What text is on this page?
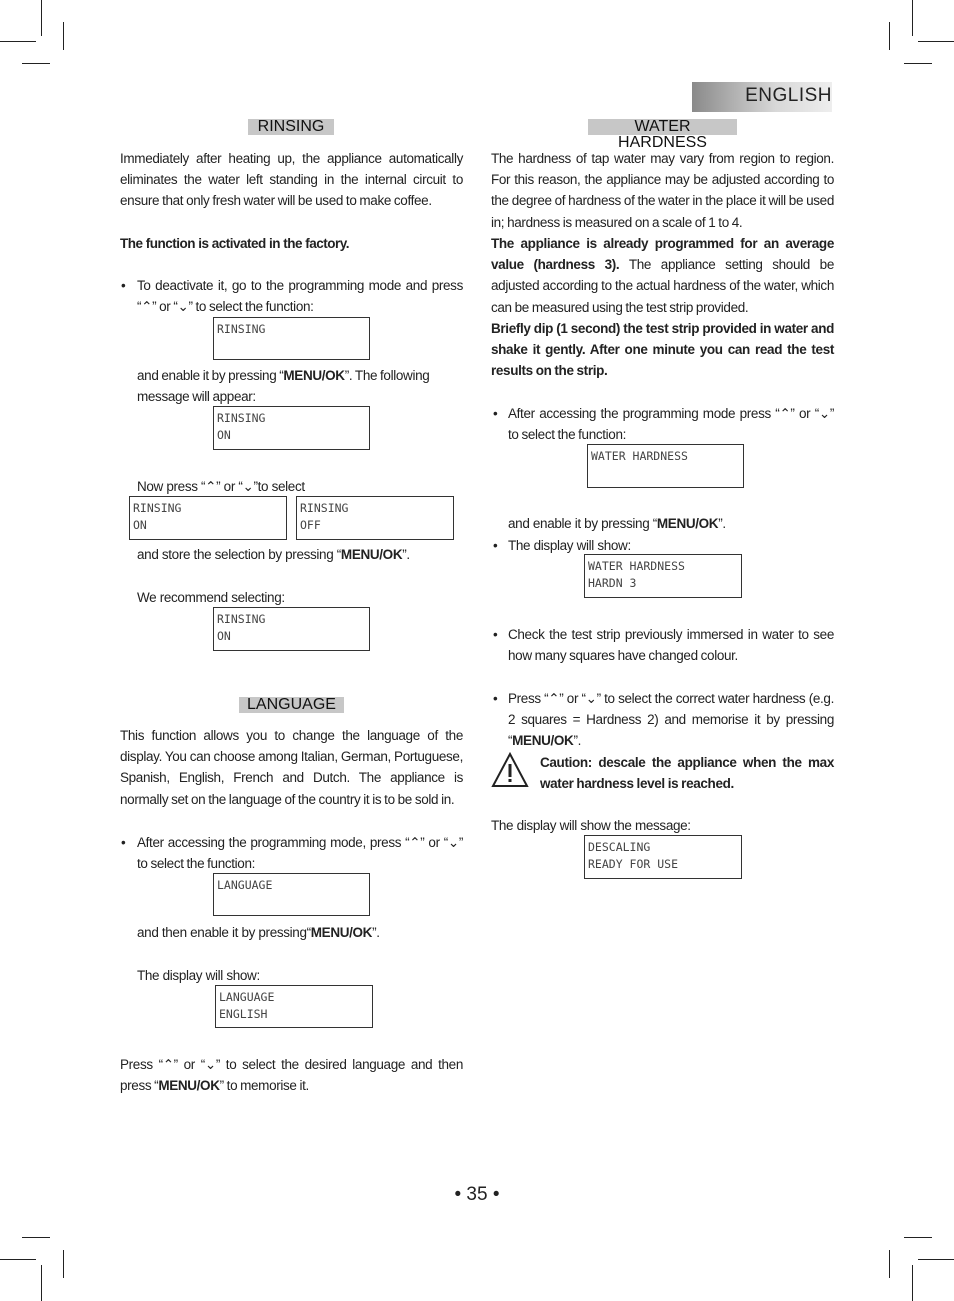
ENGLISH
RINSING
Immediately after heating up, the appliance automatically eliminates the water left standing in the internal circuit to ensure that only fresh water will be used to make coffee.
The function is activated in the factory.
• To deactivate it, go to the programming mode and press “⌃” or “⌄” to select the function:
RINSING

and enable it by pressing “MENU/OK”. The following message will appear:
RINSING
ON
Now press “⌃” or “⌄”to select
RINSING
ON
RINSING
OFF
and store the selection by pressing “MENU/OK”.
We recommend selecting:
RINSING
ON
LANGUAGE
This function allows you to change the language of the display. You can choose among Italian, German, Portuguese, Spanish, English, French and Dutch. The appliance is normally set on the language of the country it is to be sold in.
• After accessing the programming mode, press “⌃” or “⌄” to select the function:
LANGUAGE

and then enable it by pressing“MENU/OK”.
The display will show:
LANGUAGE
ENGLISH
Press “⌃” or “⌄” to select the desired language and then press “MENU/OK” to memorise it.
WATER HARDNESS
The hardness of tap water may vary from region to region. For this reason, the appliance may be adjusted according to the degree of hardness of the water in the place it will be used in; hardness is measured on a scale of 1 to 4.
The appliance is already programmed for an average value (hardness 3). The appliance setting should be adjusted according to the actual hardness of the water, which can be measured using the test strip provided.
Briefly dip (1 second) the test strip provided in water and shake it gently. After one minute you can read the test results on the strip.
• After accessing the programming mode press “⌃” or “⌄” to select the function:
WATER HARDNESS

and enable it by pressing “MENU/OK”.
• The display will show:
WATER HARDNESS
HARDN 3
• Check the test strip previously immersed in water to see how many squares have changed colour.
• Press “⌃” or “⌄” to select the correct water hardness (e.g. 2 squares = Hardness 2) and memorise it by pressing “MENU/OK”.
Caution: descale the appliance when the max water hardness level is reached.
The display will show the message:
DESCALING
READY FOR USE
• 35 •
